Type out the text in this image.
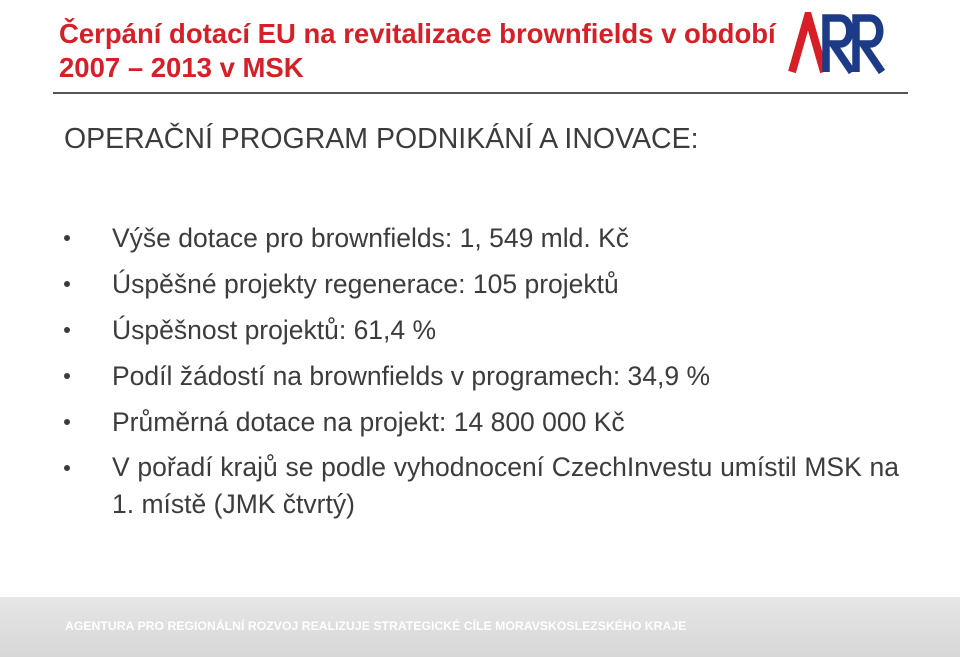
Čerpání dotací EU na revitalizace brownfields v období 2007 – 2013 v MSK
OPERAČNÍ PROGRAM PODNIKÁNÍ A INOVACE:
Výše dotace pro brownfields: 1, 549 mld. Kč
Úspěšné projekty regenerace: 105 projektů
Úspěšnost projektů: 61,4 %
Podíl žádostí na brownfields v programech: 34,9 %
Průměrná dotace na projekt: 14 800 000 Kč
V pořadí krajů se podle vyhodnocení CzechInvestu umístil MSK na 1. místě (JMK čtvrtý)
AGENTURA PRO REGIONÁLNÍ ROZVOJ REALIZUJE STRATEGICKÉ CÍLE MORAVSKOSLEZSKÉHO KRAJE
